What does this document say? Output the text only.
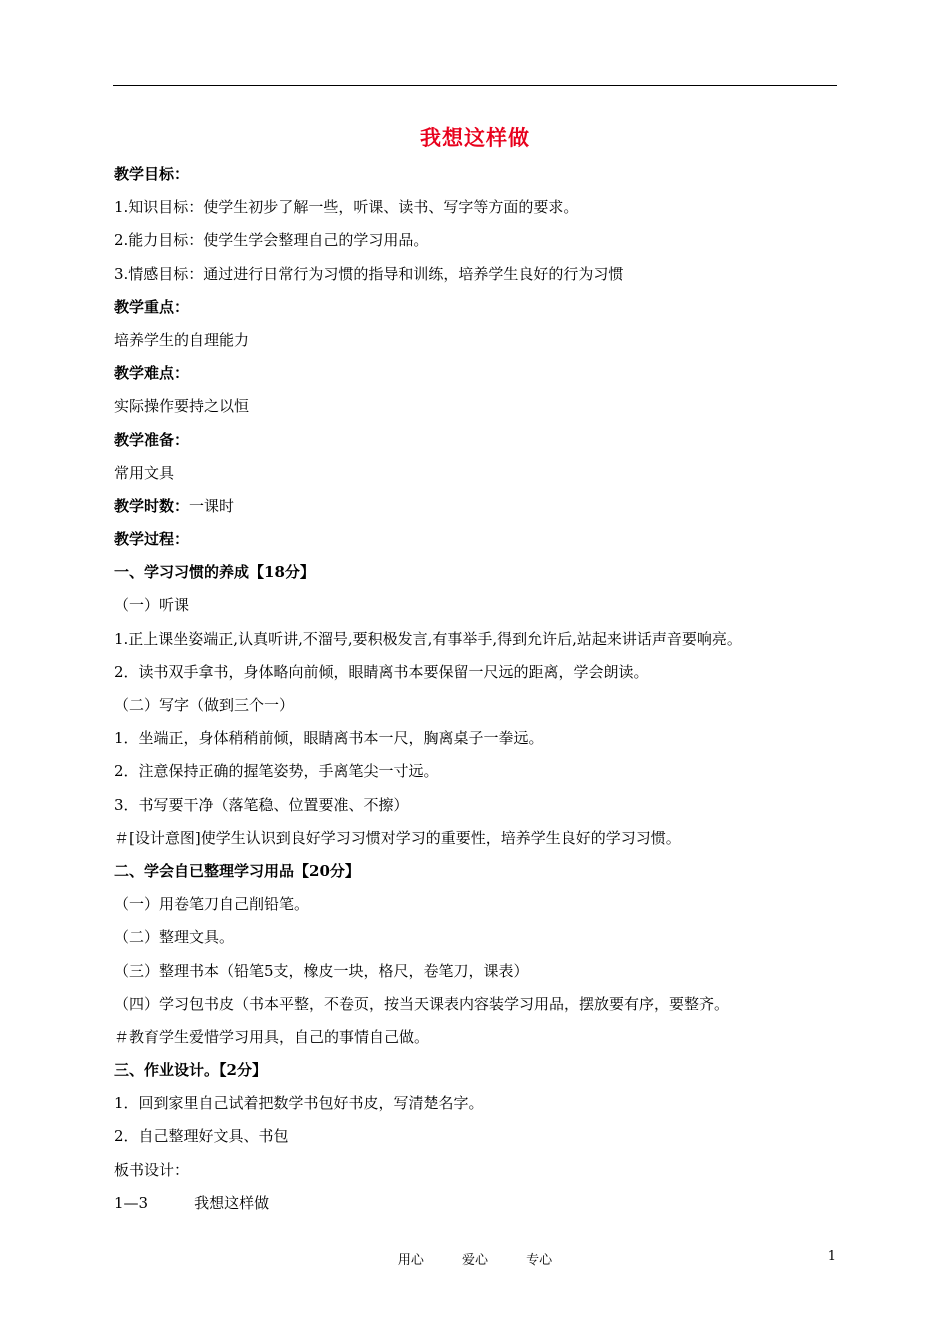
我想这样做
教学目标：
1.知识目标：使学生初步了解一些，听课、读书、写字等方面的要求。
2.能力目标：使学生学会整理自己的学习用品。
3.情感目标：通过进行日常行为习惯的指导和训练，培养学生良好的行为习惯
教学重点：
培养学生的自理能力
教学难点：
实际操作要持之以恒
教学准备：
常用文具
教学时数：一课时
教学过程：
一、学习习惯的养成【18分】
（一）听课
1.正上课坐姿端正,认真听讲,不溜号,要积极发言,有事举手,得到允许后,站起来讲话声音要响亮。
2．读书双手拿书，身体略向前倾，眼睛离书本要保留一尺远的距离，学会朗读。
（二）写字（做到三个一）
1．坐端正，身体稍稍前倾，眼睛离书本一尺，胸离桌子一拳远。
2．注意保持正确的握笔姿势，手离笔尖一寸远。
3．书写要干净（落笔稳、位置要准、不擦）
＃[设计意图]使学生认识到良好学习习惯对学习的重要性，培养学生良好的学习习惯。
二、学会自已整理学习用品【20分】
（一）用卷笔刀自己削铅笔。
（二）整理文具。
（三）整理书本（铅笔5支，橡皮一块，格尺，卷笔刀，课表）
（四）学习包书皮（书本平整，不卷页，按当天课表内容装学习用品，摆放要有序，要整齐。
＃教育学生爱惜学习用具，自己的事情自己做。
三、作业设计。【2分】
1．回到家里自己试着把数学书包好书皮，写清楚名字。
2．自己整理好文具、书包
板书设计：
1—3	我想这样做
用心	爱心	专心	1
